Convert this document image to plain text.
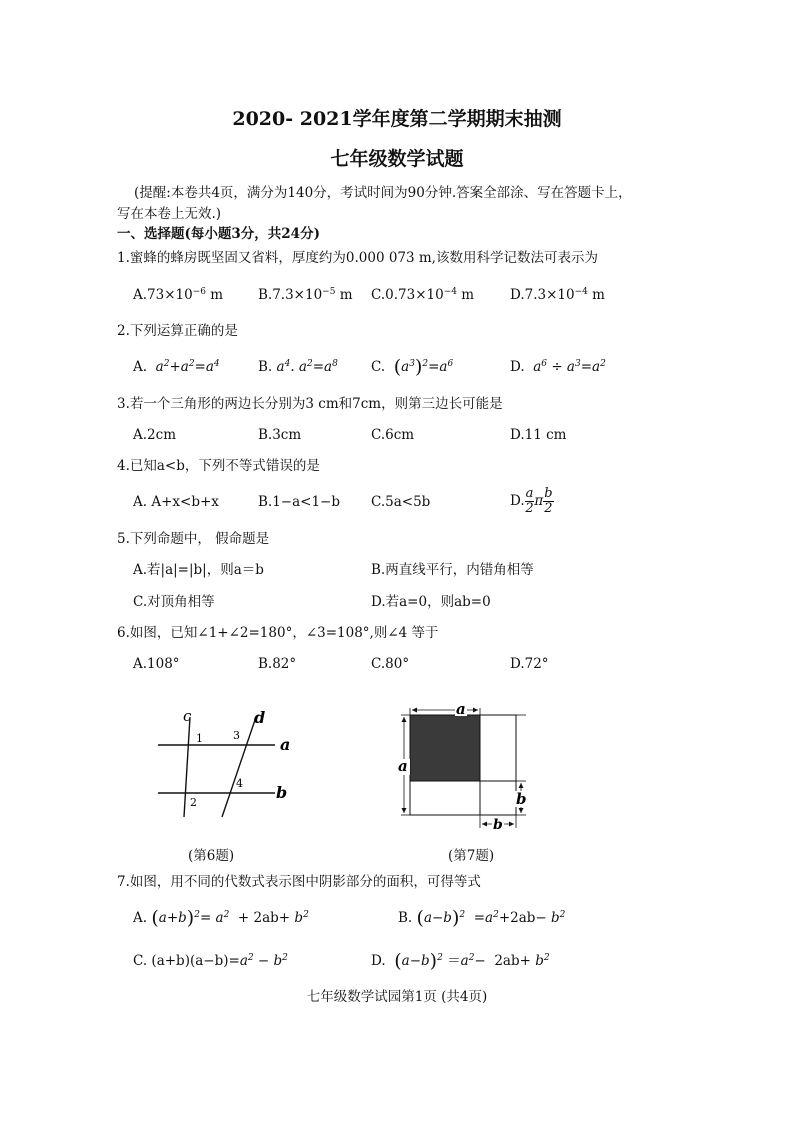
2020- 2021学年度第二学期期末抽测
七年级数学试题
(提醒:本卷共4页，满分为140分，考试时间为90分钟.答案全部涂、写在答题卡上，
写在本卷上无效.)
一、选择题(每小题3分，共24分)
1.蜜蜂的蜂房既坚固又省料，厚度约为0.000 073 m,该数用科学记数法可表示为
$A.73\times 10^{-6}$ m	$B.7.3\times 10^{-5}$ m $C.0.73\times 10^{-4}$ m	$D.7.3\times 10^{-4}$ m
2.下列运算正确的是
A. $a^2+a^2=a^4$	B. $a^4$. $a^2=a^8$ C. $(a^3)^2=a^6$	D. $a^6 \div a^3=a^2$
3.若一个三角形的两边长分别为3 cm和7cm，则第三边长可能是
A.2cm	B.3cm	C.6cm	D.11 cm
4.已知a<b，下列不等式错误的是
A. A+x<b+x	B.1−a<1−b C.5a<5b	D. $\frac{a}{2}$ π $\frac{b}{2}$
5.下列命题中， 假命题是
A.若|a|=|b|，则a＝b	B.两直线平行，内错角相等
C.对顶角相等	D.若a=0，则ab=0
6.如图，已知∠1+∠2=180°，∠3=108°,则∠4 等于
A.108°	B.82°	C.80°	D.72°
c	d
a
b
1
2
3
4
(第6题)
a
a
b
b
(第7题)
7.如图，用不同的代数式表示图中阴影部分的面积，可得等式
A. $(a+b)^2= a^2 + 2ab+ b^2$	B. $(a-b)^2 =a^2+2ab- b^2$
C. $(a+b)(a-b)=a^2 - b^2$	D. $(a-b)^2 =a^2- 2ab+ b^2$
七年级数学试园第1页 (共4页)
